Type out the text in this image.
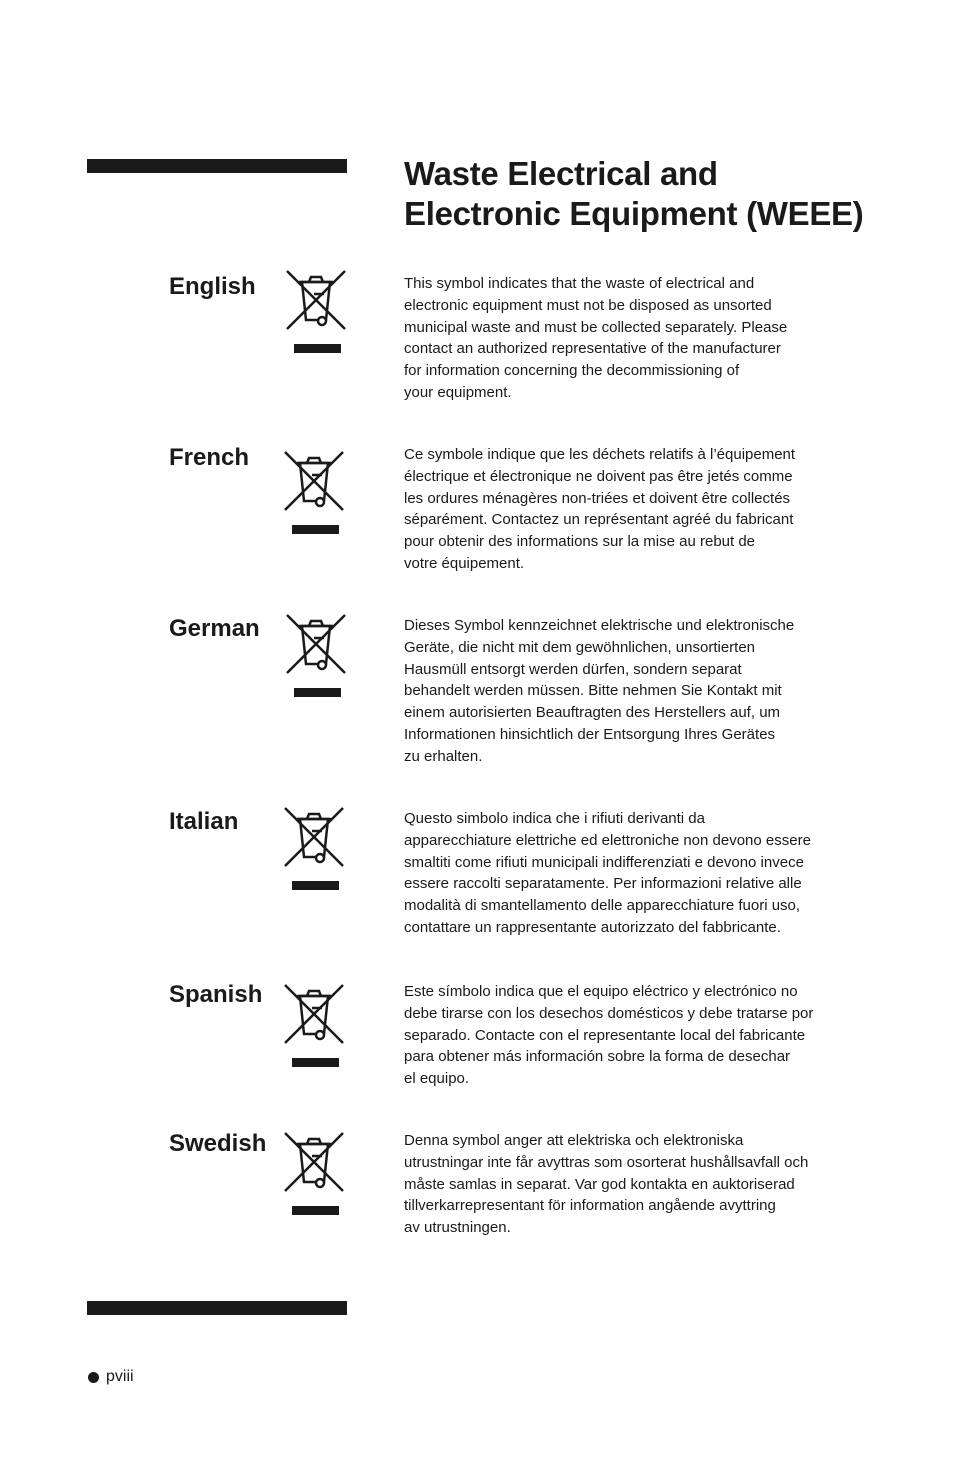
Waste Electrical and
Electronic Equipment (WEEE)
English	This symbol indicates that the waste of electrical and
electronic equipment must not be disposed as unsorted
municipal waste and must be collected separately. Please
contact an authorized representative of the manufacturer
for information concerning the decommissioning of
your equipment.

French	Ce symbole indique que les déchets relatifs à l’équipement
électrique et électronique ne doivent pas être jetés comme
les ordures ménagères non-triées et doivent être collectés
séparément. Contactez un représentant agréé du fabricant
pour obtenir des informations sur la mise au rebut de
votre équipement.

German	Dieses Symbol kennzeichnet elektrische und elektronische
Geräte, die nicht mit dem gewöhnlichen, unsortierten
Hausmüll entsorgt werden dürfen, sondern separat
behandelt werden müssen. Bitte nehmen Sie Kontakt mit
einem autorisierten Beauftragten des Herstellers auf, um
Informationen hinsichtlich der Entsorgung Ihres Gerätes
zu erhalten.

Italian	Questo simbolo indica che i rifiuti derivanti da
apparecchiature elettriche ed elettroniche non devono essere
smaltiti come rifiuti municipali indifferenziati e devono invece
essere raccolti separatamente. Per informazioni relative alle
modalità di smantellamento delle apparecchiature fuori uso,
contattare un rappresentante autorizzato del fabbricante.

Spanish	Este símbolo indica que el equipo eléctrico y electrónico no
debe tirarse con los desechos domésticos y debe tratarse por
separado. Contacte con el representante local del fabricante
para obtener más información sobre la forma de desechar
el equipo.

Swedish	Denna symbol anger att elektriska och elektroniska
utrustningar inte får avyttras som osorterat hushållsavfall och
måste samlas in separat. Var god kontakta en auktoriserad
tillverkarrepresentant för information angående avyttring
av utrustningen.

pviii
